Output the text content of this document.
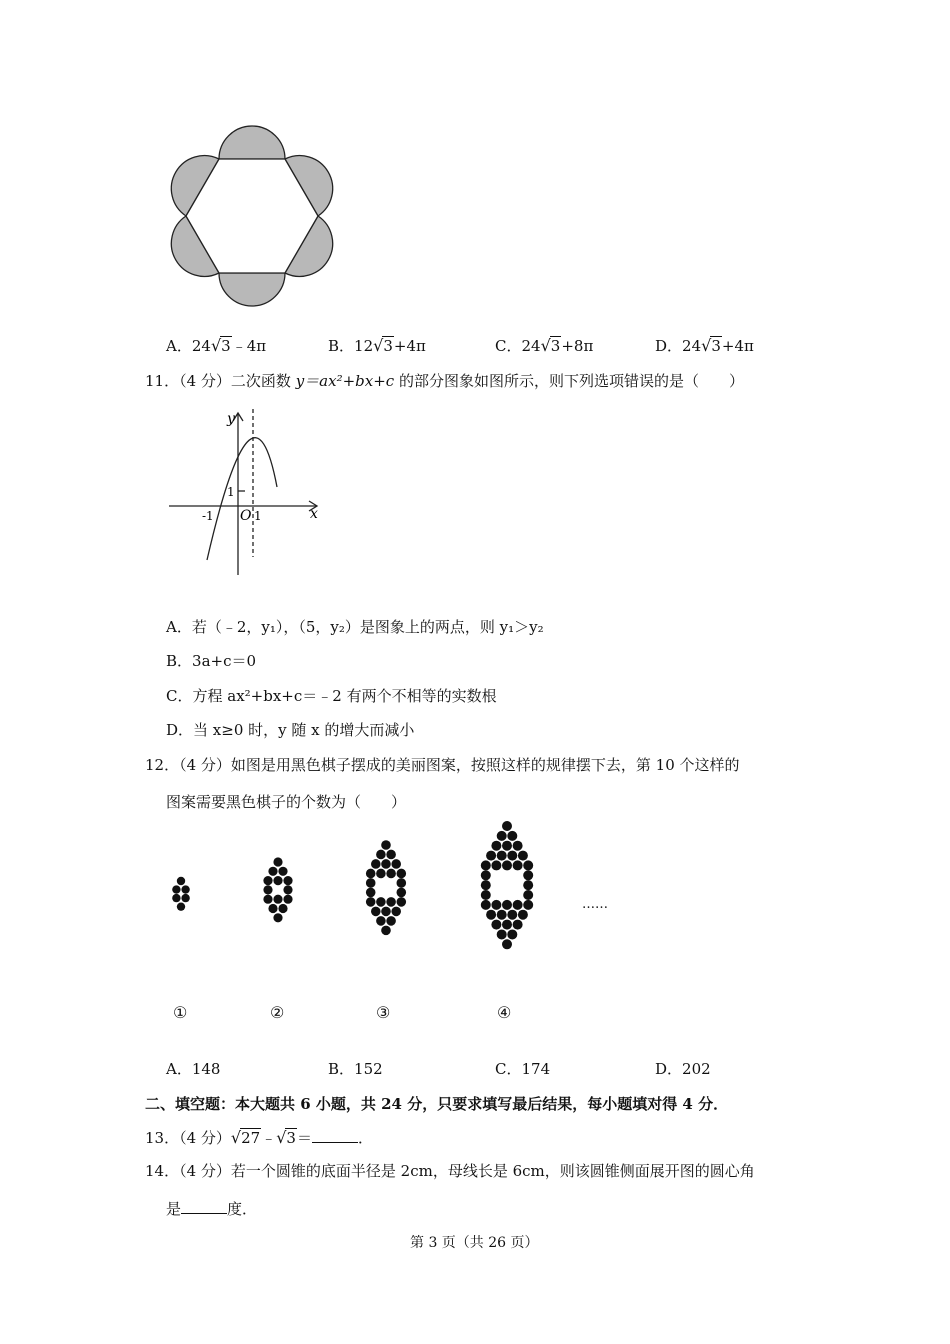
A．24√3﹣4π	B．12√3+4π	C．24√3+8π	D．24√3+4π
11．（4 分）二次函数 y＝ax²+bx+c 的部分图象如图所示，则下列选项错误的是（　　）
y
x
1
-1 O 1
A．若（﹣2，y₁），（5，y₂）是图象上的两点，则 y₁＞y₂
B．3a+c＝0
C．方程 ax²+bx+c＝﹣2 有两个不相等的实数根
D．当 x≥0 时，y 随 x 的增大而减小
12．（4 分）如图是用黑色棋子摆成的美丽图案，按照这样的规律摆下去，第 10 个这样的
图案需要黑色棋子的个数为（　　）
①	②	③	④
……
A．148	B．152	C．174	D．202
二、填空题：本大题共 6 小题，共 24 分，只要求填写最后结果，每小题填对得 4 分．
13．（4 分）√27﹣√3＝	．
14．（4 分）若一个圆锥的底面半径是 2cm，母线长是 6cm，则该圆锥侧面展开图的圆心角
是	度．
第 3 页（共 26 页）
